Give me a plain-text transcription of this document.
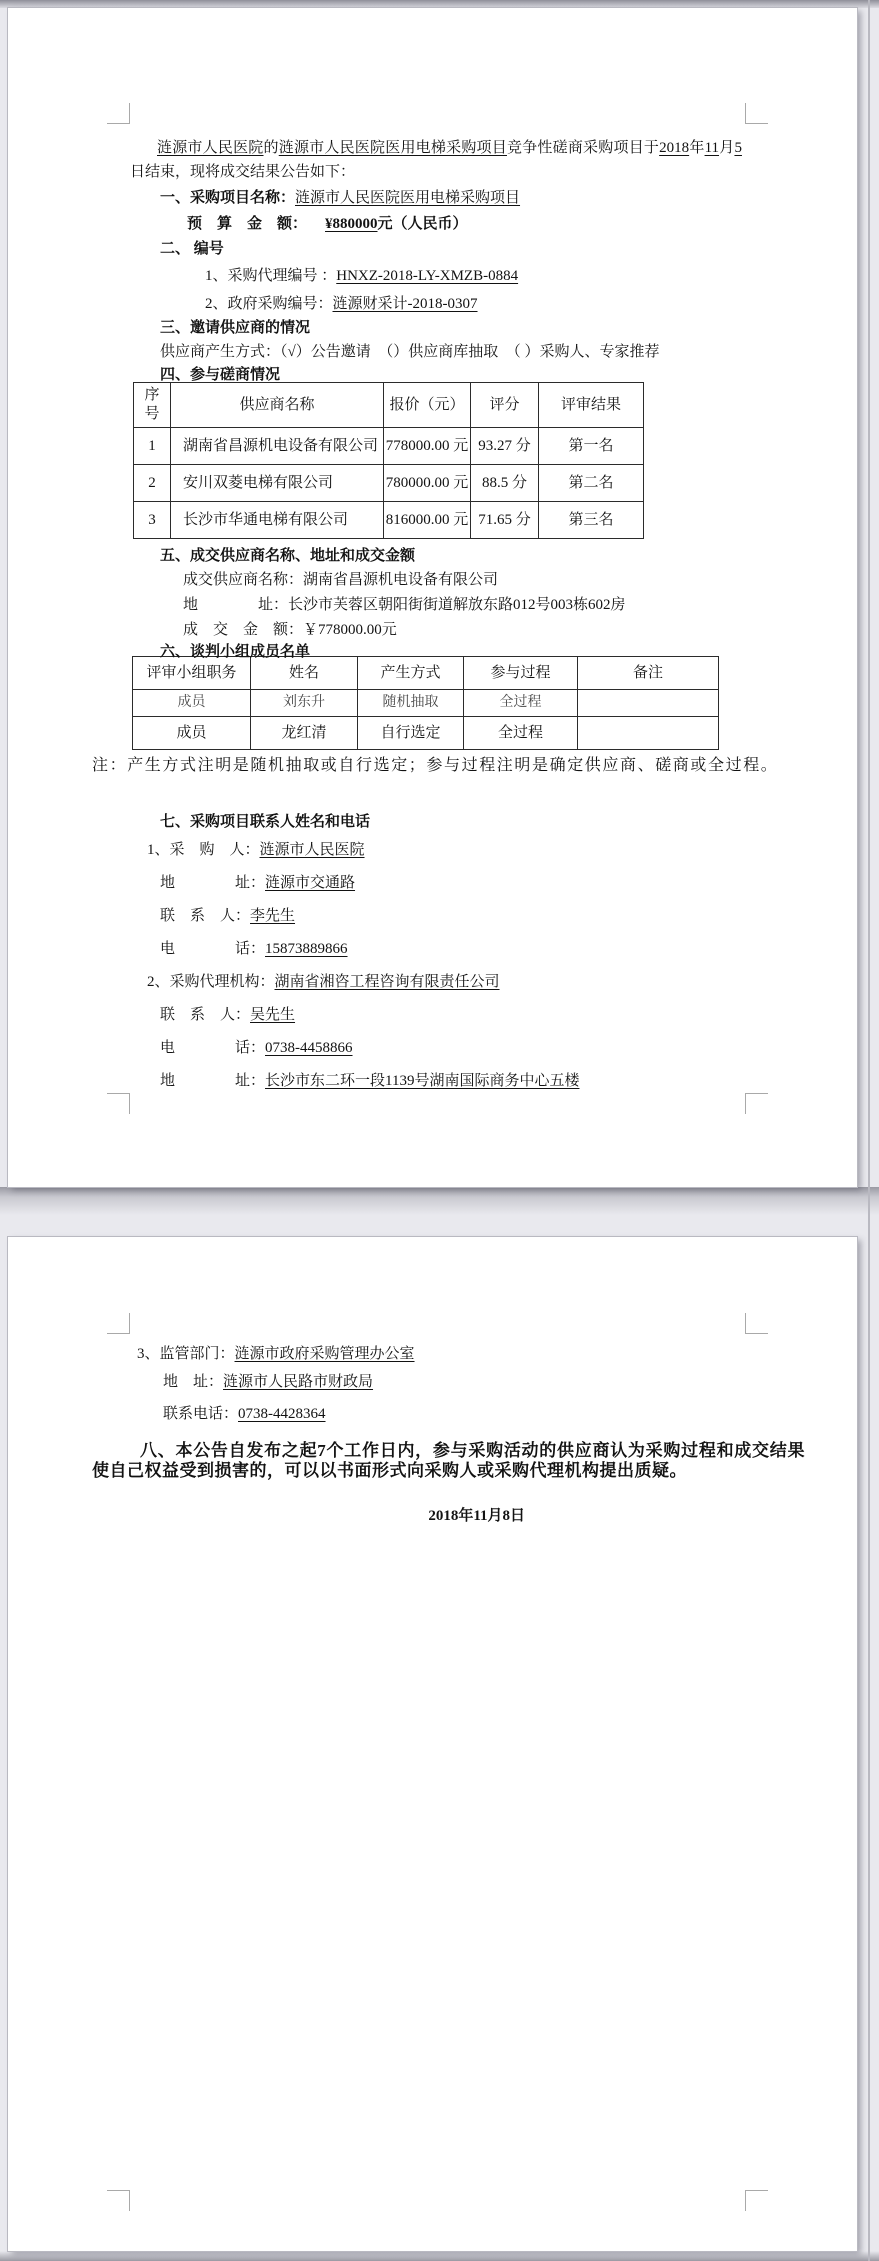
涟源市人民医院的涟源市人民医院医用电梯采购项目竞争性磋商采购项目于2018年11月5日结束，现将成交结果公告如下：
一、采购项目名称：涟源市人民医院医用电梯采购项目
预　算　金　额： ¥880000元（人民币）
二、 编号
1、采购代理编号 ：HNXZ-2018-LY-XMZB-0884
2、政府采购编号：涟源财采计-2018-0307
三、邀请供应商的情况
供应商产生方式：（√）公告邀请　（）供应商库抽取　（ ）采购人、专家推荐
四、参与磋商情况
序号	供应商名称	报价（元）	评分	评审结果
1	湖南省昌源机电设备有限公司	778000.00 元	93.27 分	第一名
2	安川双菱电梯有限公司	780000.00 元	88.5 分	第二名
3	长沙市华通电梯有限公司	816000.00 元	71.65 分	第三名
五、成交供应商名称、地址和成交金额
成交供应商名称：湖南省昌源机电设备有限公司
地　　　　址：长沙市芙蓉区朝阳街街道解放东路012号003栋602房
成　交　金　额：￥778000.00元
六、谈判小组成员名单
评审小组职务	姓名	产生方式	参与过程	备注
成员	刘东升	随机抽取	全过程	
成员	龙红清	自行选定	全过程	
注：产生方式注明是随机抽取或自行选定；参与过程注明是确定供应商、磋商或全过程。
七、采购项目联系人姓名和电话
1、采　购　人：涟源市人民医院
地　　　　址：涟源市交通路
联　系　人：李先生
电　　　　话：15873889866
2、采购代理机构：湖南省湘咨工程咨询有限责任公司
联　系　人：吴先生
电　　　　话：0738-4458866
地　　　　址：长沙市东二环一段1139号湖南国际商务中心五楼
3、监管部门：涟源市政府采购管理办公室
地　址：涟源市人民路市财政局
联系电话：0738-4428364
八、本公告自发布之起7个工作日内，参与采购活动的供应商认为采购过程和成交结果使自己权益受到损害的，可以以书面形式向采购人或采购代理机构提出质疑。
2018年11月8日
